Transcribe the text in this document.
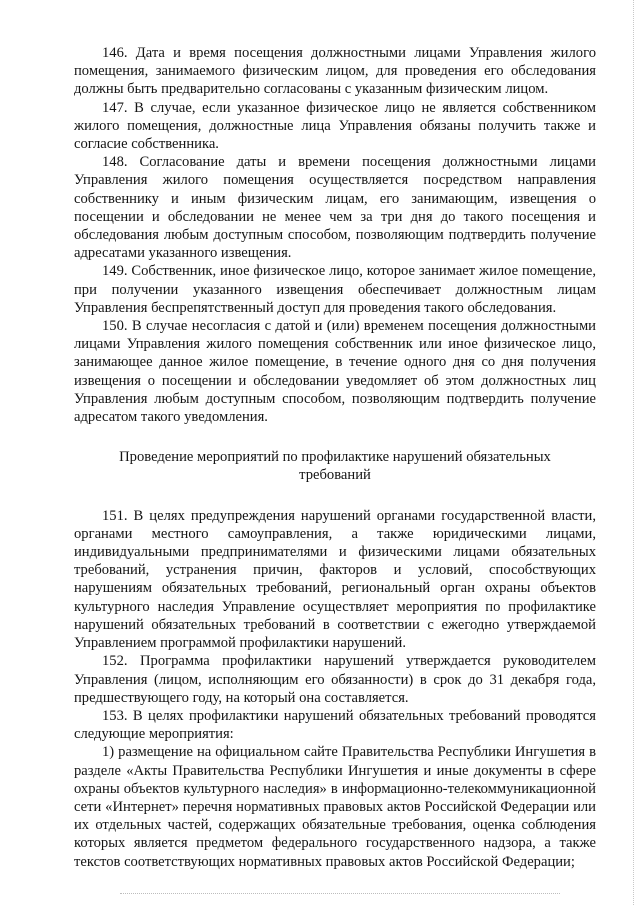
146. Дата и время посещения должностными лицами Управления жилого помещения, занимаемого физическим лицом, для проведения его обследования должны быть предварительно согласованы с указанным физическим лицом.

147. В случае, если указанное физическое лицо не является собственником жилого помещения, должностные лица Управления обязаны получить также и согласие собственника.

148. Согласование даты и времени посещения должностными лицами Управления жилого помещения осуществляется посредством направления собственнику и иным физическим лицам, его занимающим, извещения о посещении и обследовании не менее чем за три дня до такого посещения и обследования любым доступным способом, позволяющим подтвердить получение адресатами указанного извещения.

149. Собственник, иное физическое лицо, которое занимает жилое помещение, при получении указанного извещения обеспечивает должностным лицам Управления беспрепятственный доступ для проведения такого обследования.

150. В случае несогласия с датой и (или) временем посещения должностными лицами Управления жилого помещения собственник или иное физическое лицо, занимающее данное жилое помещение, в течение одного дня со дня получения извещения о посещении и обследовании уведомляет об этом должностных лиц Управления любым доступным способом, позволяющим подтвердить получение адресатом такого уведомления.

Проведение мероприятий по профилактике нарушений обязательных требований

151. В целях предупреждения нарушений органами государственной власти, органами местного самоуправления, а также юридическими лицами, индивидуальными предпринимателями и физическими лицами обязательных требований, устранения причин, факторов и условий, способствующих нарушениям обязательных требований, региональный орган охраны объектов культурного наследия Управление осуществляет мероприятия по профилактике нарушений обязательных требований в соответствии с ежегодно утверждаемой Управлением программой профилактики нарушений.

152. Программа профилактики нарушений утверждается руководителем Управления (лицом, исполняющим его обязанности) в срок до 31 декабря года, предшествующего году, на который она составляется.

153. В целях профилактики нарушений обязательных требований проводятся следующие мероприятия:

1) размещение на официальном сайте Правительства Республики Ингушетия в разделе «Акты Правительства Республики Ингушетия и иные документы в сфере охраны объектов культурного наследия» в информационно-телекоммуникационной сети «Интернет» перечня нормативных правовых актов Российской Федерации или их отдельных частей, содержащих обязательные требования, оценка соблюдения которых является предметом федерального государственного надзора, а также текстов соответствующих нормативных правовых актов Российской Федерации;
